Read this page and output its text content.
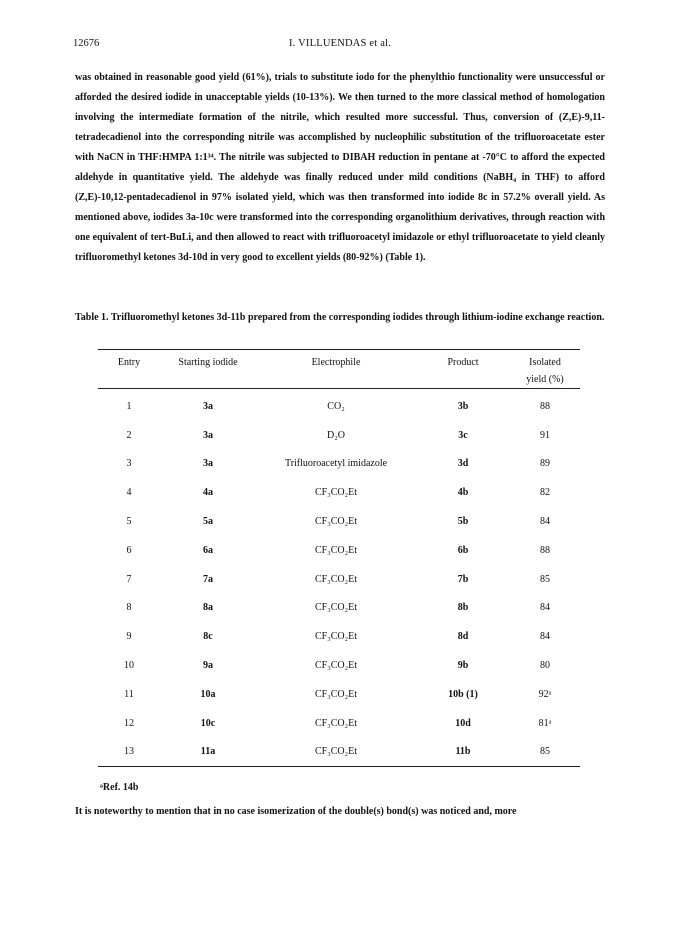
12676	I. VILLUENDAS et al.

was obtained in reasonable good yield (61%), trials to substitute iodo for the phenylthio functionality were unsuccessful or afforded the desired iodide in unacceptable yields (10-13%). We then turned to the more classical method of homologation involving the intermediate formation of the nitrile, which resulted more successful. Thus, conversion of (Z,E)-9,11-tetradecadienol into the corresponding nitrile was accomplished by nucleophilic substitution of the trifluoroacetate ester with NaCN in THF:HMPA 1:1³⁴. The nitrile was subjected to DIBAH reduction in pentane at -70°C to afford the expected aldehyde in quantitative yield. The aldehyde was finally reduced under mild conditions (NaBH₄ in THF) to afford (Z,E)-10,12-pentadecadienol in 97% isolated yield, which was then transformed into iodide 8c in 57.2% overall yield. As mentioned above, iodides 3a-10c were transformed into the corresponding organolithium derivatives, through reaction with one equivalent of tert-BuLi, and then allowed to react with trifluoroacetyl imidazole or ethyl trifluoroacetate to yield cleanly trifluoromethyl ketones 3d-10d in very good to excellent yields (80-92%) (Table 1).

Table 1. Trifluoromethyl ketones 3d-11b prepared from the corresponding iodides through lithium-iodine exchange reaction.

Entry	Starting iodide	Electrophile	Product	Isolated
yield (%)
1	3a	CO₂	3b	88
2	3a	D₂O	3c	91
3	3a	Trifluoroacetyl imidazole	3d	89
4	4a	CF₃CO₂Et	4b	82
5	5a	CF₃CO₂Et	5b	84
6	6a	CF₃CO₂Et	6b	88
7	7a	CF₃CO₂Et	7b	85
8	8a	CF₃CO₂Et	8b	84
9	8c	CF₃CO₂Et	8d	84
10	9a	CF₃CO₂Et	9b	80
11	10a	CF₃CO₂Et	10b (1)	92ᵃ
12	10c	CF₃CO₂Et	10d	81ᵃ
13	11a	CF₃CO₂Et	11b	85
ᵃRef. 14b

It is noteworthy to mention that in no case isomerization of the double(s) bond(s) was noticed and, more
